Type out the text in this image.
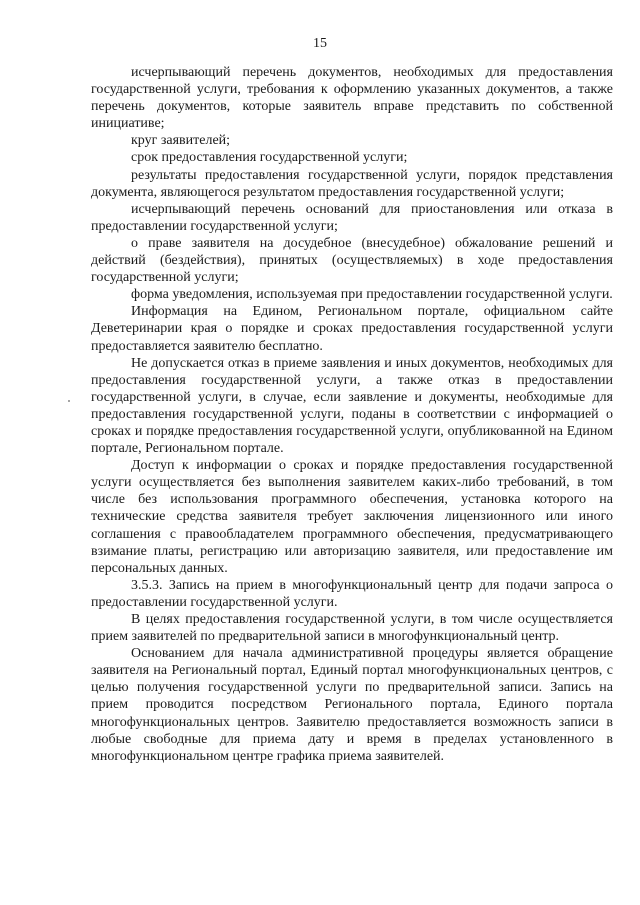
15

исчерпывающий перечень документов, необходимых для предоставления государственной услуги, требования к оформлению указанных документов, а также перечень документов, которые заявитель вправе представить по собственной инициативе;

круг заявителей;

срок предоставления государственной услуги;

результаты предоставления государственной услуги, порядок представления документа, являющегося результатом предоставления государственной услуги;

исчерпывающий перечень оснований для приостановления или отказа в предоставлении государственной услуги;

о праве заявителя на досудебное (внесудебное) обжалование решений и действий (бездействия), принятых (осуществляемых) в ходе предоставления государственной услуги;

форма уведомления, используемая при предоставлении государственной услуги.

Информация на Едином, Региональном портале, официальном сайте Деветеринарии края о порядке и сроках предоставления государственной услуги предоставляется заявителю бесплатно.

Не допускается отказ в приеме заявления и иных документов, необходимых для предоставления государственной услуги, а также отказ в предоставлении государственной услуги, в случае, если заявление и документы, необходимые для предоставления государственной услуги, поданы в соответствии с информацией о сроках и порядке предоставления государственной услуги, опубликованной на Едином портале, Региональном портале.

Доступ к информации о сроках и порядке предоставления государственной услуги осуществляется без выполнения заявителем каких-либо требований, в том числе без использования программного обеспечения, установка которого на технические средства заявителя требует заключения лицензионного или иного соглашения с правообладателем программного обеспечения, предусматривающего взимание платы, регистрацию или авторизацию заявителя, или предоставление им персональных данных.

3.5.3. Запись на прием в многофункциональный центр для подачи запроса о предоставлении государственной услуги.

В целях предоставления государственной услуги, в том числе осуществляется прием заявителей по предварительной записи в многофункциональный центр.

Основанием для начала административной процедуры является обращение заявителя на Региональный портал, Единый портал многофункциональных центров, с целью получения государственной услуги по предварительной записи. Запись на прием проводится посредством Регионального портала, Единого портала многофункциональных центров. Заявителю предоставляется возможность записи в любые свободные для приема дату и время в пределах установленного в многофункциональном центре графика приема заявителей.
